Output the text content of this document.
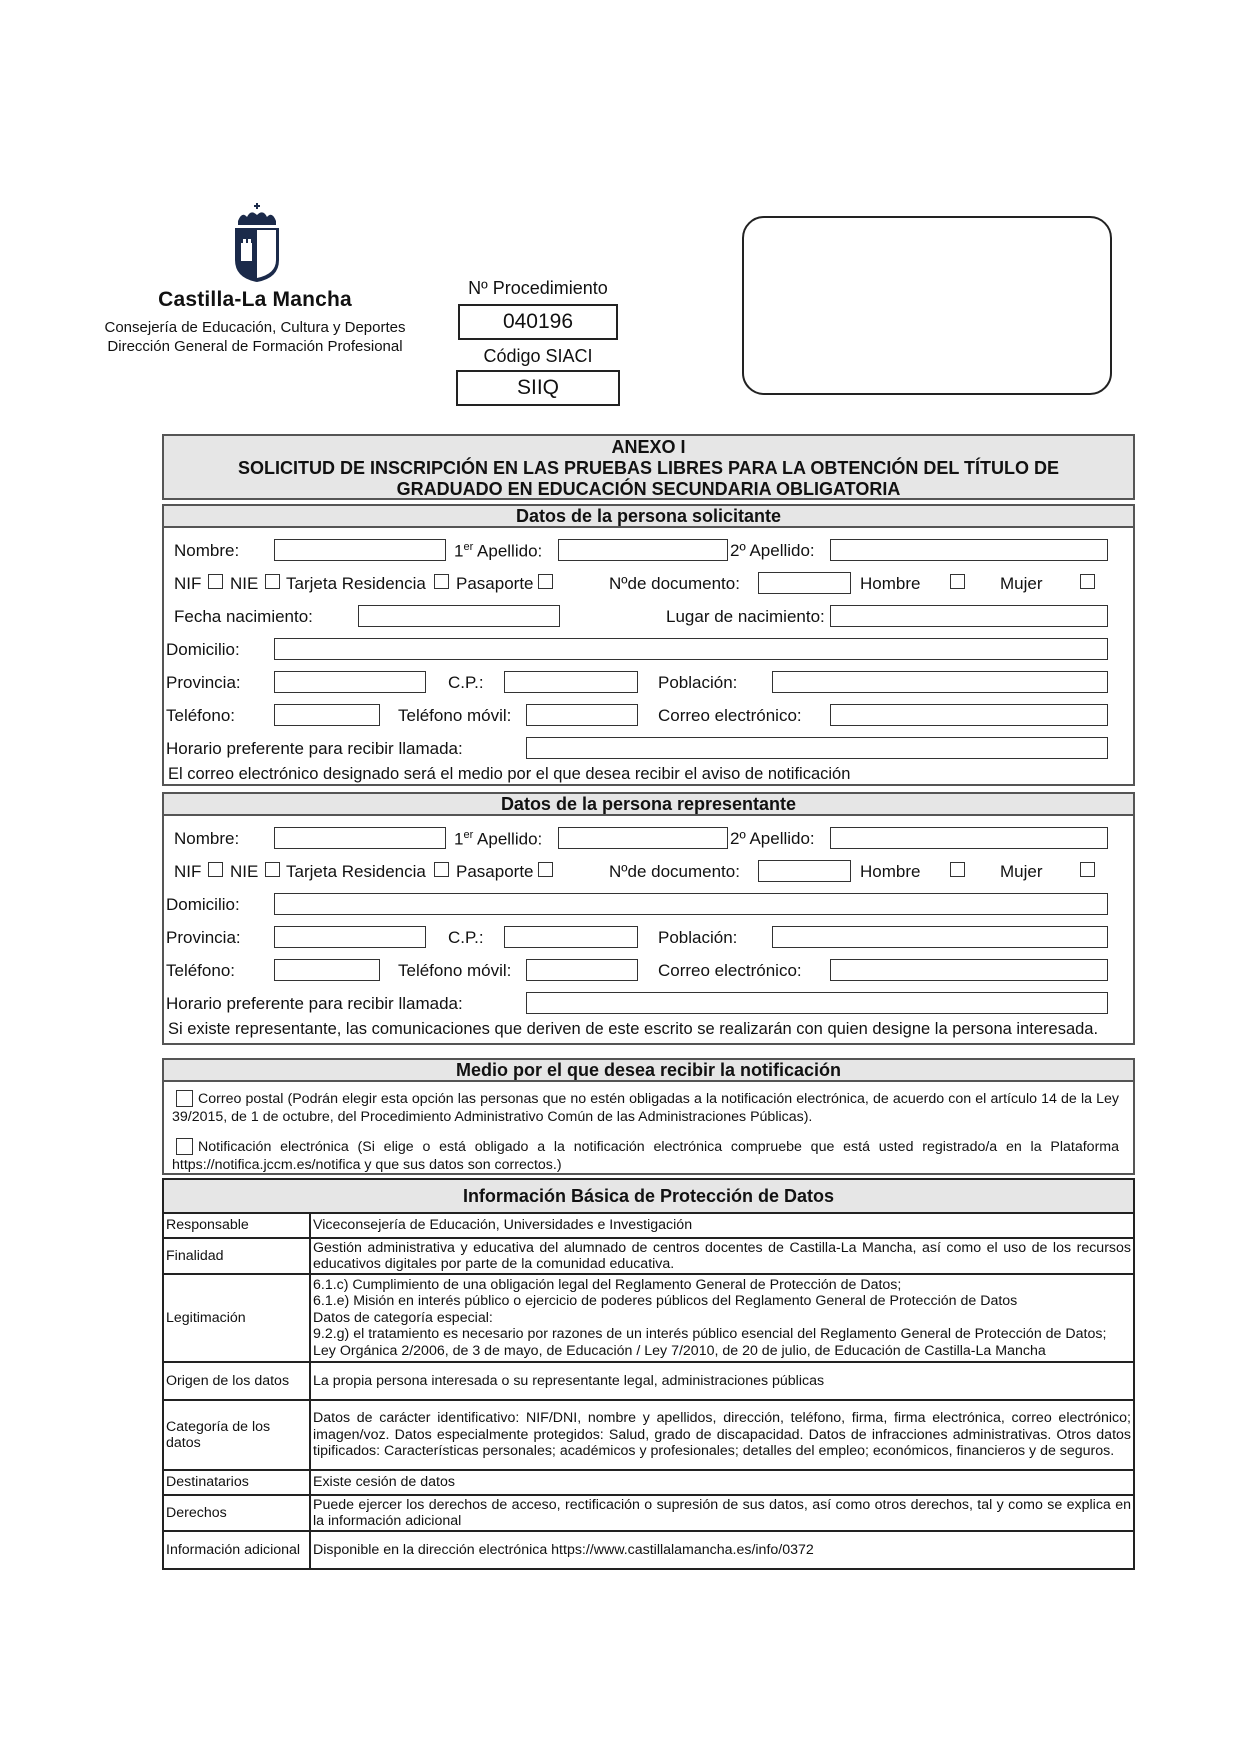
Castilla-La Mancha
Consejería de Educación, Cultura y Deportes
Dirección General de Formación Profesional
Nº Procedimiento
040196
Código SIACI
SIIQ
ANEXO I
SOLICITUD DE INSCRIPCIÓN EN LAS PRUEBAS LIBRES PARA LA OBTENCIÓN DEL TÍTULO DE
GRADUADO EN EDUCACIÓN SECUNDARIA OBLIGATORIA
Datos de la persona solicitante
Nombre:	1er Apellido:	2º Apellido:
NIF NIE Tarjeta Residencia Pasaporte	Nºde documento:	Hombre	Mujer
Fecha nacimiento:	Lugar de nacimiento:
Domicilio:
Provincia:	C.P.:	Población:
Teléfono:	Teléfono móvil:	Correo electrónico:
Horario preferente para recibir llamada:
El correo electrónico designado será el medio por el que desea recibir el aviso de notificación
Datos de la persona representante
Nombre:	1er Apellido:	2º Apellido:
NIF NIE Tarjeta Residencia Pasaporte	Nºde documento:	Hombre	Mujer
Domicilio:
Provincia:	C.P.:	Población:
Teléfono:	Teléfono móvil:	Correo electrónico:
Horario preferente para recibir llamada:
Si existe representante, las comunicaciones que deriven de este escrito se realizarán con quien designe la persona interesada.
Medio por el que desea recibir la notificación
Correo postal (Podrán elegir esta opción las personas que no estén obligadas a la notificación electrónica, de acuerdo con el artículo 14 de la Ley 39/2015, de 1 de octubre, del Procedimiento Administrativo Común de las Administraciones Públicas).
Notificación electrónica (Si elige o está obligado a la notificación electrónica compruebe que está usted registrado/a en la Plataforma https://notifica.jccm.es/notifica y que sus datos son correctos.)
Información Básica de Protección de Datos	
Responsable	Viceconsejería de Educación, Universidades e Investigación

Finalidad	Gestión administrativa y educativa del alumnado de centros docentes de Castilla-La Mancha, así como el uso de los recursos educativos digitales por parte de la comunidad educativa.

Legitimación	6.1.c) Cumplimiento de una obligación legal del Reglamento General de Protección de Datos;
6.1.e) Misión en interés público o ejercicio de poderes públicos del Reglamento General de Protección de Datos
Datos de categoría especial:
9.2.g) el tratamiento es necesario por razones de un interés público esencial del Reglamento General de Protección de Datos;
Ley Orgánica 2/2006, de 3 de mayo, de Educación / Ley 7/2010, de 20 de julio, de Educación de Castilla-La Mancha

Origen de los datos	La propia persona interesada o su representante legal, administraciones públicas

Categoría de los datos	Datos de carácter identificativo: NIF/DNI, nombre y apellidos, dirección, teléfono, firma, firma electrónica, correo electrónico; imagen/voz. Datos especialmente protegidos: Salud, grado de discapacidad. Datos de infracciones administrativas. Otros datos tipificados: Características personales; académicos y profesionales; detalles del empleo; económicos, financieros y de seguros.

Destinatarios	Existe cesión de datos

Derechos	Puede ejercer los derechos de acceso, rectificación o supresión de sus datos, así como otros derechos, tal y como se explica en la información adicional

Información adicional	Disponible en la dirección electrónica https://www.castillalamancha.es/info/0372
